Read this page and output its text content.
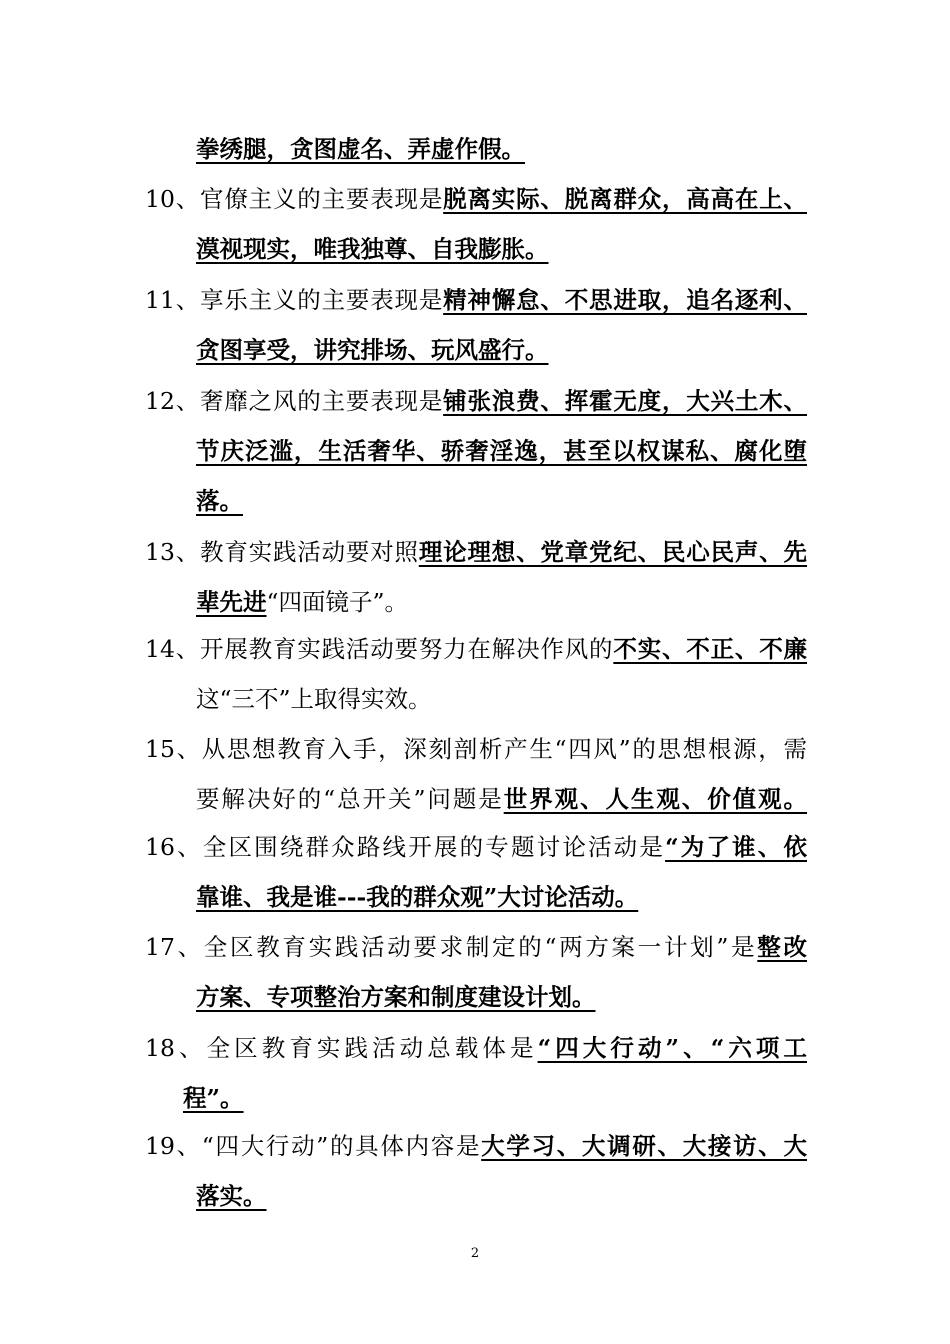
拳绣腿，贪图虚名、弄虚作假。
10、官僚主义的主要表现是脱离实际、脱离群众，高高在上、
漠视现实，唯我独尊、自我膨胀。
11、享乐主义的主要表现是精神懈怠、不思进取，追名逐利、
贪图享受，讲究排场、玩风盛行。
12、奢靡之风的主要表现是铺张浪费、挥霍无度，大兴土木、
节庆泛滥，生活奢华、骄奢淫逸，甚至以权谋私、腐化堕
落。
13、教育实践活动要对照理论理想、党章党纪、民心民声、先
辈先进“四面镜子”。
14、开展教育实践活动要努力在解决作风的不实、不正、不廉
这“三不”上取得实效。
15、从思想教育入手，深刻剖析产生“四风”的思想根源，需
要解决好的“总开关”问题是世界观、人生观、价值观。
16、全区围绕群众路线开展的专题讨论活动是“为了谁、依
靠谁、我是谁---我的群众观”大讨论活动。
17、全区教育实践活动要求制定的“两方案一计划”是整改
方案、专项整治方案和制度建设计划。
18、全区教育实践活动总载体是“四大行动”、“六项工
程”。
19、“四大行动”的具体内容是大学习、大调研、大接访、大
落实。
2
